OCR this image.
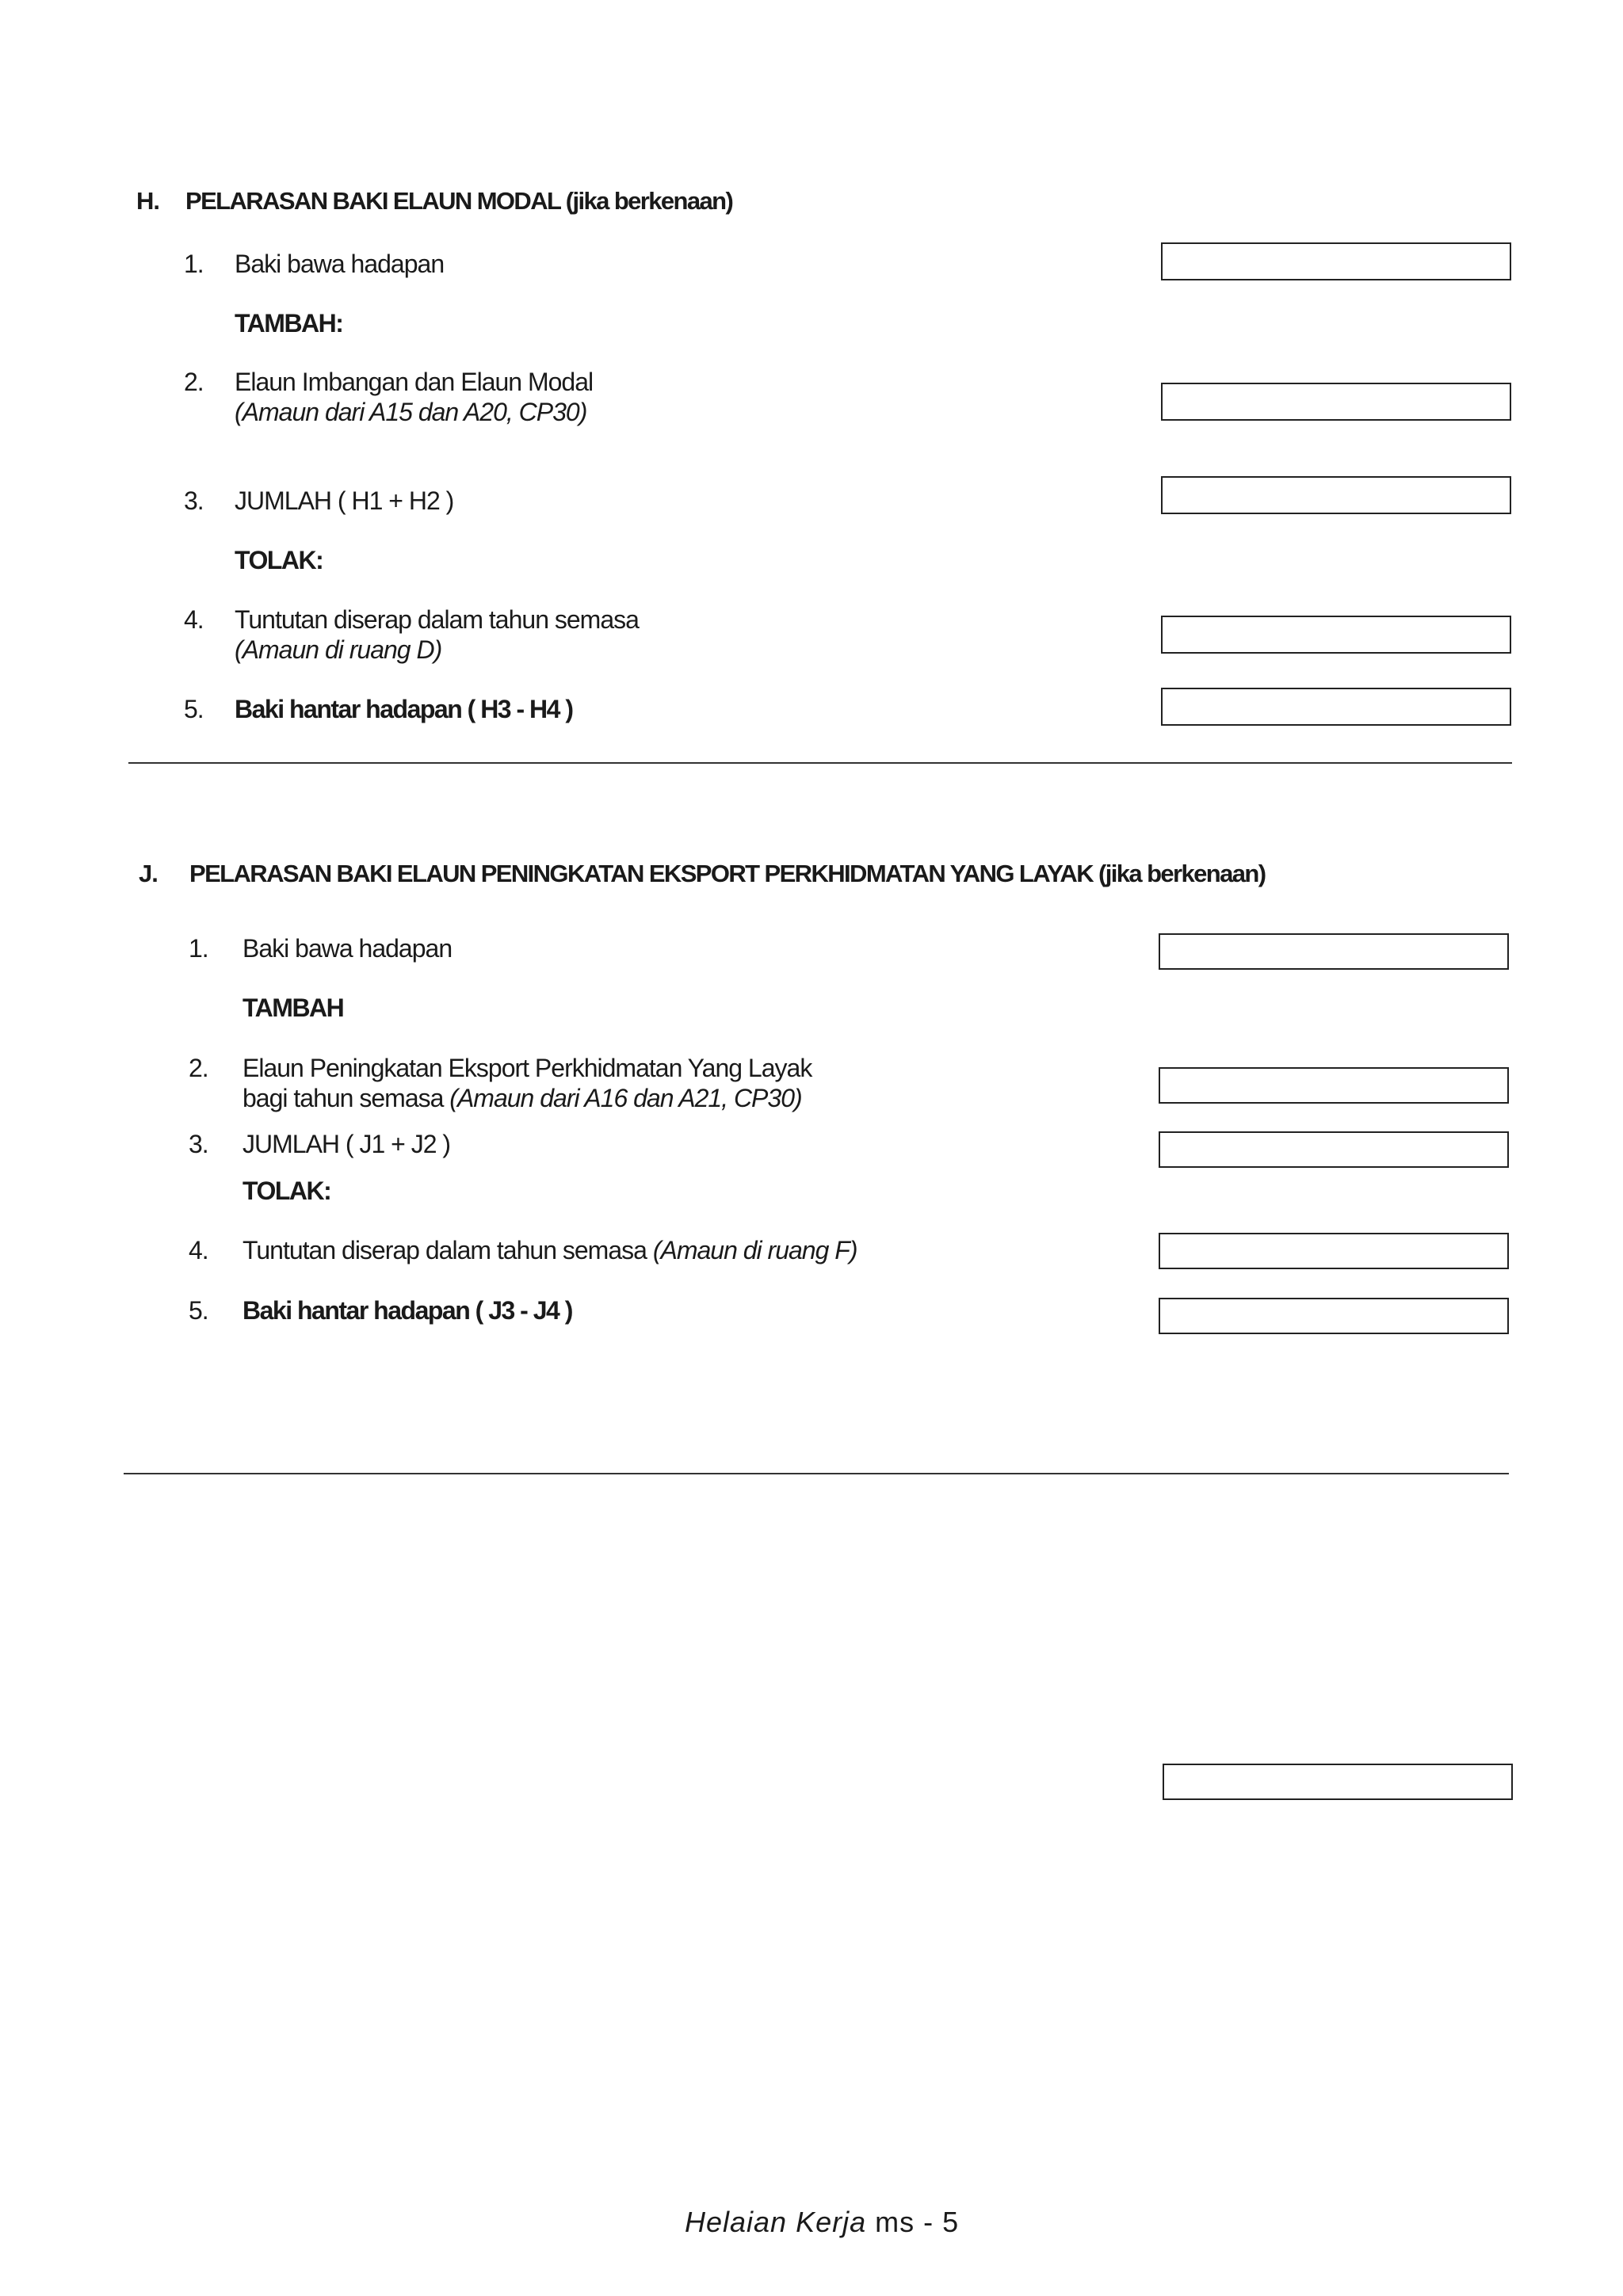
H. PELARASAN BAKI ELAUN MODAL (jika berkenaan)
1. Baki bawa hadapan
TAMBAH:
2. Elaun Imbangan dan Elaun Modal
(Amaun dari A15 dan A20, CP30)
3. JUMLAH ( H1 + H2 )
TOLAK:
4. Tuntutan diserap dalam tahun semasa
(Amaun di ruang D)
5. Baki hantar hadapan ( H3 - H4 )
J. PELARASAN BAKI ELAUN PENINGKATAN EKSPORT PERKHIDMATAN YANG LAYAK (jika berkenaan)
1. Baki bawa hadapan
TAMBAH
2. Elaun Peningkatan Eksport Perkhidmatan Yang Layak
bagi tahun semasa (Amaun dari A16 dan A21, CP30)
3. JUMLAH ( J1 + J2 )
TOLAK:
4. Tuntutan diserap dalam tahun semasa (Amaun di ruang F)
5. Baki hantar hadapan ( J3 - J4 )
Helaian Kerja ms - 5
